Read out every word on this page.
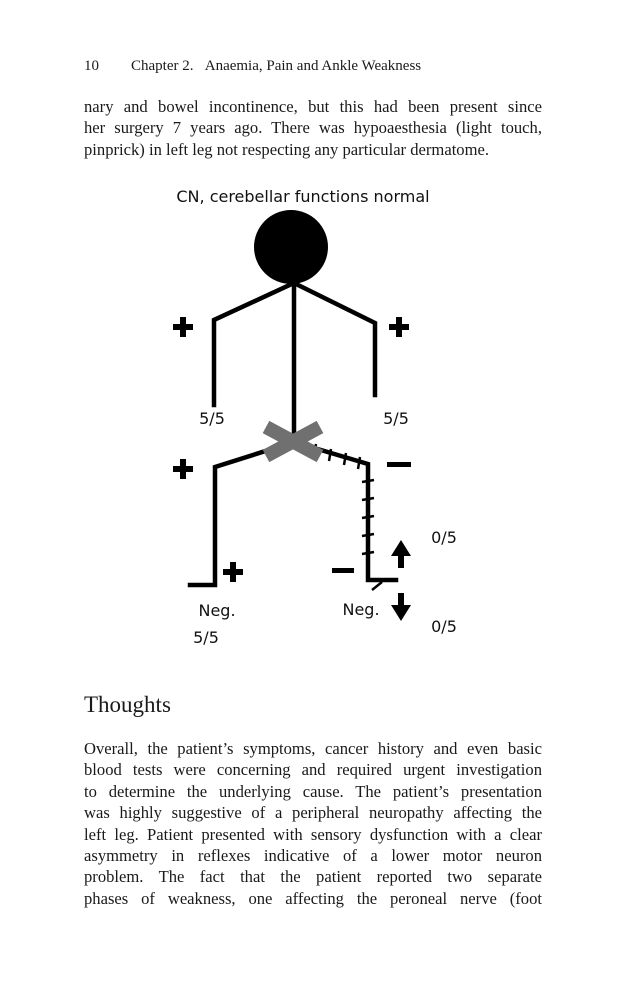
10 Chapter 2. Anaemia, Pain and Ankle Weakness

nary and bowel incontinence, but this had been present since
her surgery 7 years ago. There was hypoaesthesia (light touch,
pinprick) in left leg not respecting any particular dermatome.

CN, cerebellar functions normal
5/5	5/5
Neg.
5/5
Neg.
0/5
0/5
Thoughts

Overall, the patient’s symptoms, cancer history and even basic
blood tests were concerning and required urgent investigation
to determine the underlying cause. The patient’s presentation
was highly suggestive of a peripheral neuropathy affecting the
left leg. Patient presented with sensory dysfunction with a clear
asymmetry in reflexes indicative of a lower motor neuron
problem. The fact that the patient reported two separate
phases of weakness, one affecting the peroneal nerve (foot
